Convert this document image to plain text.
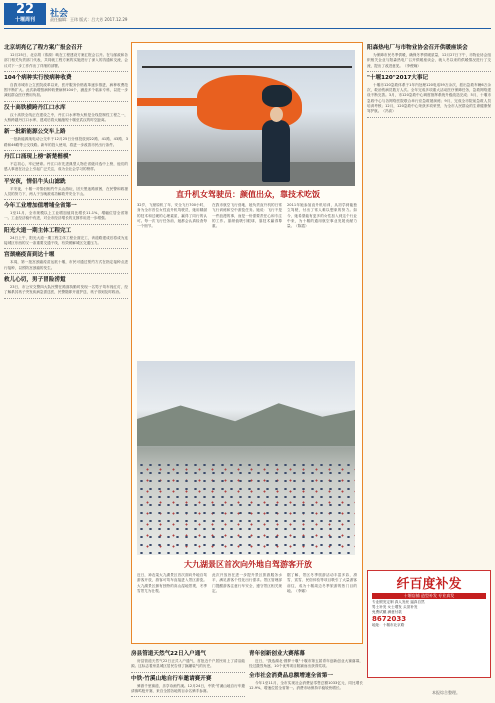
22
十堰周刊
社会
责任编辑：王玮 版式：吕大芳 2017.12.29
北京胡亮亿了程方案广报会召开
12月25日，北京胡（浓源）峡在工程建设方案汇报会召开。在与邮政和各部门相关负责部门代表，共同就工程方案的实施进行了深入的沟通和交流，会议对下一步工作作出了详细的部署。
104个病种实行按病种收费
自我市城市公立医院改革以来，医疗服务价格改革逐步推进，病种收费范围不断扩大。此次新增按病种收费病种104个，涵盖多个临床专科，以进一步减轻群众医疗费用负担。
汉十高铁横跨丹江口水库
汉十高铁全线正在建设之中，丹江口水库特大桥是全线控制性工程之一，大桥跨越丹江口水库，建成后将大幅缩短十堰至武汉的时空距离。
新一批新能源公交车上路
一批新能源纯电动公交车于12月25日分别投放到22路、41路、43路、3路和46路等公交线路。新车的投入使用，将进一步改善市民出行条件。
丹江口涌现上榜"新楚楷模"
不忘初心，牢记使命。丹江口市先进典型人物在省级评选中上榜，他们的感人事迹在社会上引起广泛关注，成为全社会学习的榜样。
平安夜，情侣牛头山滤跣
平安夜，十堰一对情侣相约牛头山游玩，因天黑迷路被困，在民警和救援人员的努力下，两人于当晚被成功解救并安全下山。
今年工业增加值增埔全省第一
1至11月，全市规模以上工业增加值同比增长11.1%，增幅位居全省第一。工业经济稳中有进，对全市经济增长的支撑作用进一步增强。
阳光大道一期主体工程完工
24日上午，阳光大道一期工程主体工程全面完工，该道路建成后将成为连接城区东西的又一条重要交通干线，有效缓解城区交通压力。
宫颈癌疫苗到达十堰
本周，第一批宫颈癌疫苗运抵十堰，市民可通过预约方式在指定接种点进行接种，以预防宫颈癌的发生。
救儿心切，男子冒险涝踅
23日，市公安交警四大队民警在路面执勤时发现一名男子驾车闯红灯，经了解系其孩子突发疾病急需送医，民警随即开道护送，孩子得到及时救治。
直升机女驾驶员：颜值出众，靠技术吃饭
32岁，飞豪原机了年，安全飞行700小时，身为全市首位女性直升机驾驶员，她用精湛的技术和过硬的心理素质，赢得了同行的认可。每一次飞行任务前，她都会认真检查每一个细节。
在我市航空飞行营地，她负责直升机的日常飞行训练和空中游览任务。她说：飞行不是一件浪漫的事，而是一份需要责任心和专注的工作。靠颜值吸引眼球，靠技术赢得尊重。
2011年她参加直升机培训，从初学到能独立驾驶，付出了常人难以想象的努力。如今，她希望能有更多的女性加入到这个行业中来，为十堰的通用航空事业发展贡献力量。（陈霞）
大九湖景区首次向外地自驾游客开放
近日，神农架大九湖景区首次面向外地自驾游客开放，游客可驾车直接进入景区游览。大九湖景区拥有独特的高山湿地景观，冬季雪景尤为壮观。
此次开放旨在进一步提升景区旅游服务水平，满足游客个性化出行需求。景区管理部门提醒游客注意行车安全，遵守景区相关规定。
据了解，景区冬季旅游活动丰富多彩，滑雪、赏雪、民俗体验等项目吸引了大量游客前往，成为十堰周边冬季旅游的热门目的地。（李娜）
房县管道天然气22日入户通气
房县管道天然气22日正式入户通气，首批近千户居民用上了清洁能源。这标志着房县城区居民告别了换罐装气的历史。
中铁·竹溪山地自行车邀请赛开赛
骑游千里赛道，乐享诗画竹溪。12月24日，中铁·竹溪山地自行车邀请赛鸣枪开赛，来自全国各地的百余名骑手参赛。
青年创新创业大赛落幕
近日，"我选湖北·圆梦十堰"十堰市第五届青年创新创业大赛落幕，经过激烈角逐，10个优秀项目脱颖而出获得奖项。
全市社会消费品总额增速全省第一
今年1至11月，全市实现社会消费品零售总额1033亿元，同比增长12.9%，增速位居全省第一。消费市场保持平稳较快增长。
阳森热电厂与市物业协会召开供暖座谈会
为保障市民冬季供暖，确保冬季供暖质量，12月27日下午，市物业协会组织相关企业与阳森热电厂召开供暖座谈会，就入冬以来的供暖情况进行了交流，提出了改进意见。（李俊娴）
"十堰120"2017大事记
十堰市120急救体系于1年内处理120电话59万余次，派出急救车辆6万余次，救治伤病员数万人次。全年完成多项重大活动医疗保障任务，急救网络建设不断完善。3月，市120急救中心调度指挥系统升级改造完成；5月，十堰市急救中心与各网络医院联合举行应急救援演练；9月，完成全市院前急救人员培训考核；12月，120急救中心荣获多项荣誉，为全市人民群众的生命健康保驾护航。（冯高）
纤百度补发
十堰店铺 造型补发 专业真发
专业假发定制 真人发丝 逼真自然
男士补发 女士增发 头顶补发
免费试戴 满意付款
8672033
地址：十堰市北京路
本报综合整理。
